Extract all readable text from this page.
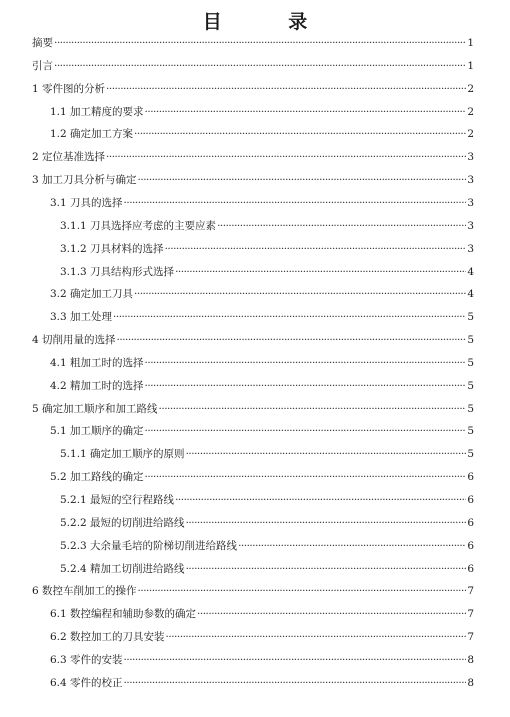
目 录
摘要 ·····	1
引言 ·····	1
1 零件图的分析 ·····	2
1.1 加工精度的要求 ·····	2
1.2 确定加工方案 ·····	2
2 定位基准选择 ·····	3
3 加工刀具分析与确定 ·····	3
3.1 刀具的选择 ·····	3
3.1.1 刀具选择应考虑的主要应素 ·····	3
3.1.2 刀具材料的选择 ·····	3
3.1.3 刀具结构形式选择 ·····	4
3.2 确定加工刀具 ·····	4
3.3 加工处理 ·····	5
4 切削用量的选择 ·····	5
4.1 粗加工时的选择 ·····	5
4.2 精加工时的选择 ·····	5
5 确定加工顺序和加工路线 ·····	5
5.1 加工顺序的确定 ·····	5
5.1.1 确定加工顺序的原则 ·····	5
5.2 加工路线的确定 ·····	6
5.2.1 最短的空行程路线 ·····	6
5.2.2 最短的切削进给路线 ·····	6
5.2.3 大余量毛培的阶梯切削进给路线 ·····	6
5.2.4 精加工切削进给路线 ·····	6
6 数控车削加工的操作 ·····	7
6.1 数控编程和辅助参数的确定 ·····	7
6.2 数控加工的刀具安装 ·····	7
6.3 零件的安装 ·····	8
6.4 零件的校正 ·····	8
